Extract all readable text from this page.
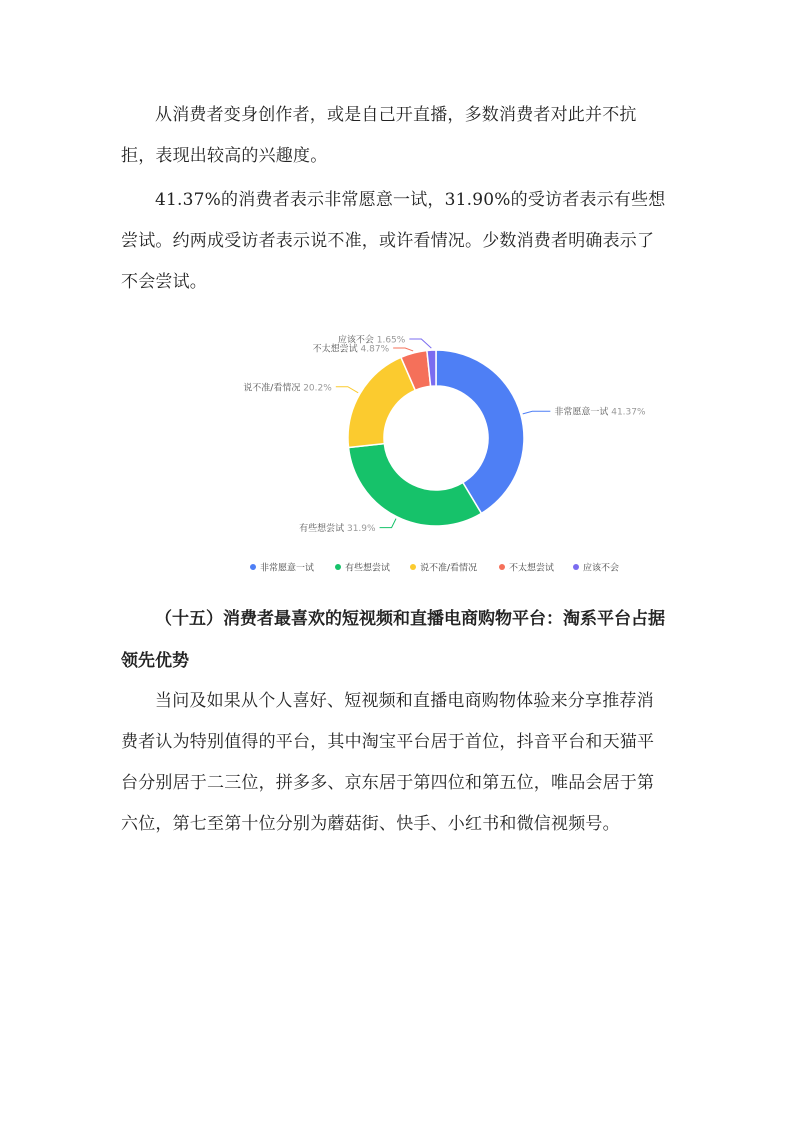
从消费者变身创作者，或是自己开直播，多数消费者对此并不抗拒，表现出较高的兴趣度。

41.37%的消费者表示非常愿意一试，31.90%的受访者表示有些想尝试。约两成受访者表示说不准，或许看情况。少数消费者明确表示了不会尝试。

非常愿意一试 41.37%
有些想尝试 31.9%
说不准/看情况 20.2%
不太想尝试 4.87%
应该不会 1.65%
非常愿意一试	有些想尝试	说不准/看情况	不太想尝试	应该不会

（十五）消费者最喜欢的短视频和直播电商购物平台：淘系平台占据领先优势

当问及如果从个人喜好、短视频和直播电商购物体验来分享推荐消费者认为特别值得的平台，其中淘宝平台居于首位，抖音平台和天猫平台分别居于二三位，拼多多、京东居于第四位和第五位，唯品会居于第六位，第七至第十位分别为蘑菇街、快手、小红书和微信视频号。
